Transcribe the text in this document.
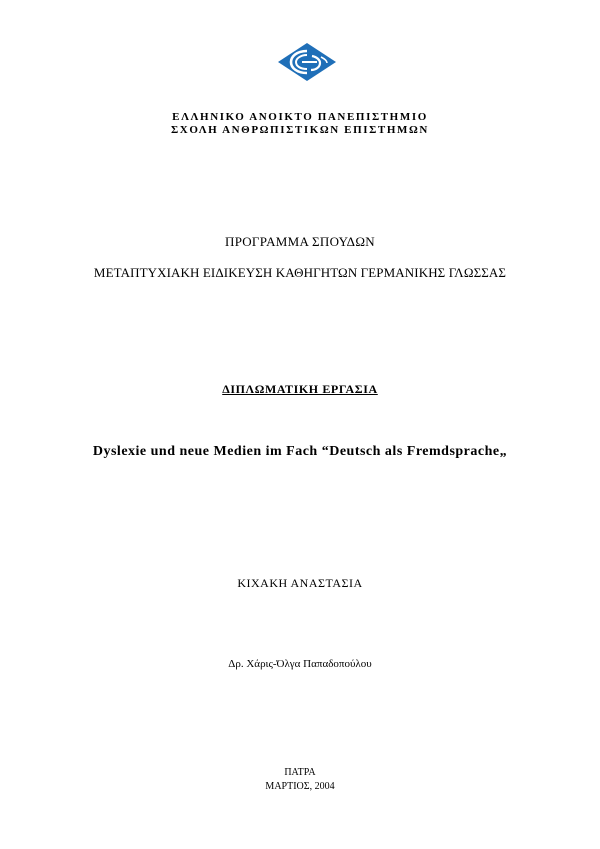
ΕΛΛΗΝΙΚΟ ΑΝΟΙΚΤΟ ΠΑΝΕΠΙΣΤΗΜΙΟ
ΣΧΟΛΗ ΑΝΘΡΩΠΙΣΤΙΚΩΝ ΕΠΙΣΤΗΜΩΝ
ΠΡΟΓΡΑΜΜΑ ΣΠΟΥΔΩΝ
ΜΕΤΑΠΤΥΧΙΑΚΗ ΕΙΔΙΚΕΥΣΗ ΚΑΘΗΓΗΤΩΝ ΓΕΡΜΑΝΙΚΗΣ ΓΛΩΣΣΑΣ
ΔΙΠΛΩΜΑΤΙΚΗ ΕΡΓΑΣΙΑ
Dyslexie und neue Medien im Fach “Deutsch als Fremdsprache„
ΚΙΧΑΚΗ ΑΝΑΣΤΑΣΙΑ
Δρ. Χάρις-Όλγα Παπαδοπούλου
ΠΑΤΡΑ
ΜΑΡΤΙΟΣ, 2004
